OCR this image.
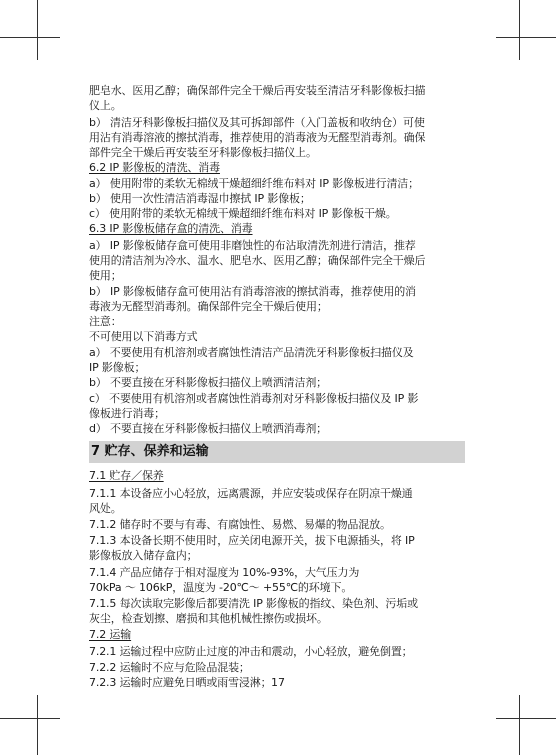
肥皂水、医用乙醇；确保部件完全干燥后再安装至清洁牙科影像板扫描
仪上。
b） 清洁牙科影像板扫描仪及其可拆卸部件（入门盖板和收纳仓）可使
用沾有消毒溶液的擦拭消毒，推荐使用的消毒液为无醛型消毒剂。确保
部件完全干燥后再安装至牙科影像板扫描仪上。
6.2 IP 影像板的清洗、消毒
a） 使用附带的柔软无棉绒干燥超细纤维布料对 IP 影像板进行清洁；
b） 使用一次性清洁消毒湿巾擦拭 IP 影像板；
c） 使用附带的柔软无棉绒干燥超细纤维布料对 IP 影像板干燥。
6.3 IP 影像板储存盒的清洗、消毒
a） IP 影像板储存盒可使用非磨蚀性的布沾取清洗剂进行清洁，推荐
使用的清洁剂为冷水、温水、肥皂水、医用乙醇；确保部件完全干燥后
使用；
b） IP 影像板储存盒可使用沾有消毒溶液的擦拭消毒，推荐使用的消
毒液为无醛型消毒剂。确保部件完全干燥后使用；
注意：
不可使用以下消毒方式
a） 不要使用有机溶剂或者腐蚀性清洁产品清洗牙科影像板扫描仪及
IP 影像板；
b） 不要直接在牙科影像板扫描仪上喷洒清洁剂；
c） 不要使用有机溶剂或者腐蚀性消毒剂对牙科影像板扫描仪及 IP 影
像板进行消毒；
d） 不要直接在牙科影像板扫描仪上喷洒消毒剂；
7 贮存、保养和运输
7.1 贮存／保养
7.1.1 本设备应小心轻放，远离震源，并应安装或保存在阴凉干燥通
风处。
7.1.2 储存时不要与有毒、有腐蚀性、易燃、易爆的物品混放。
7.1.3 本设备长期不使用时，应关闭电源开关，拔下电源插头，将 IP
影像板放入储存盒内；
7.1.4 产品应储存于相对湿度为 10%-93%，大气压力为
70kPa ～ 106kP，温度为 -20℃～ +55℃的环境下。
7.1.5 每次读取完影像后都要清洗 IP 影像板的指纹、染色剂、污垢或
灰尘，检查划擦、磨损和其他机械性擦伤或损坏。
7.2 运输
7.2.1 运输过程中应防止过度的冲击和震动，小心轻放，避免倒置；
7.2.2 运输时不应与危险品混装；
7.2.3 运输时应避免日晒或雨雪浸淋； 17
